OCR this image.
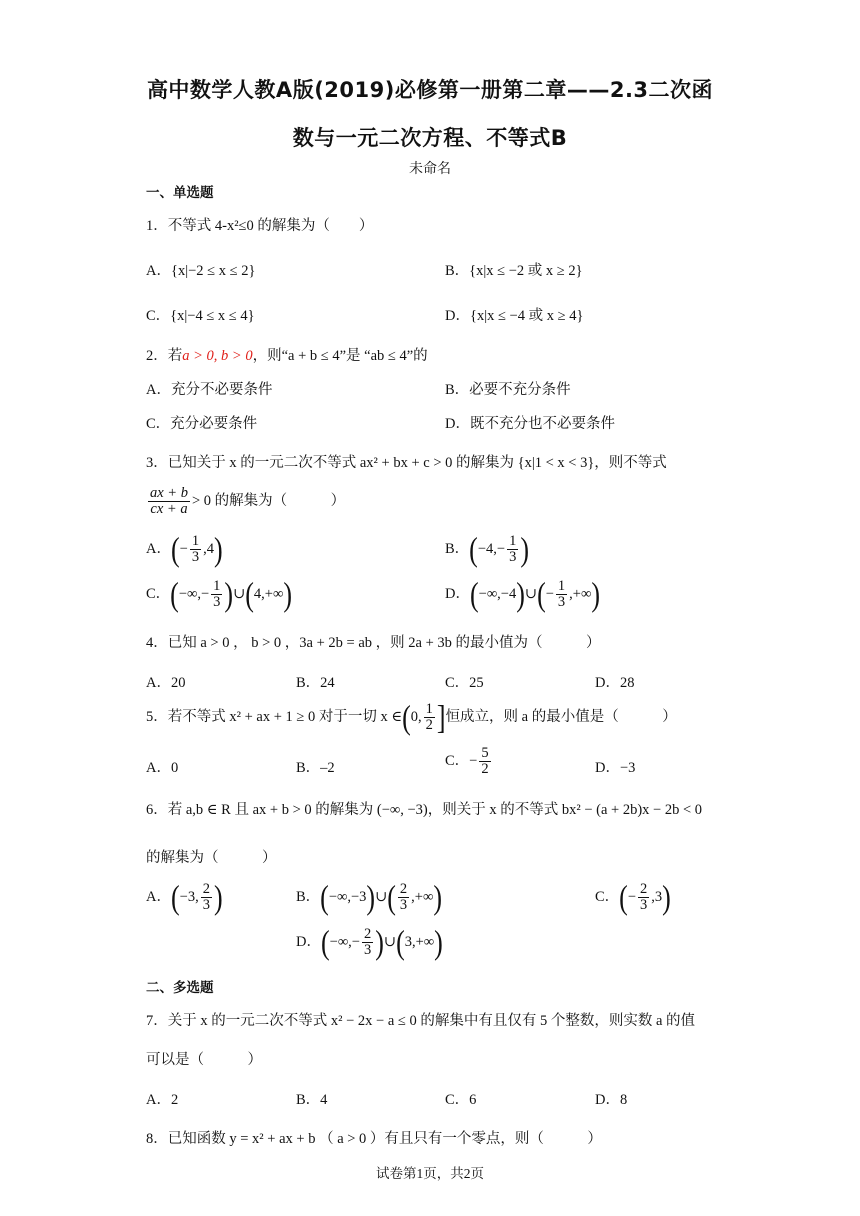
高中数学人教A版(2019)必修第一册第二章——2.3二次函
数与一元二次方程、不等式B
未命名
一、单选题
1．不等式 4-x²≤0 的解集为（　　）
A．{x|−2 ≤ x ≤ 2}	B．{x|x ≤ −2 或 x ≥ 2}
C．{x|−4 ≤ x ≤ 4}	D．{x|x ≤ −4 或 x ≥ 4}
2．若a > 0, b > 0，则“a + b ≤ 4”是 “ab ≤ 4”的
A．充分不必要条件	B．必要不充分条件
C．充分必要条件	D．既不充分也不必要条件
3．已知关于 x 的一元二次不等式 ax² + bx + c > 0 的解集为 {x|1 < x < 3}，则不等式
$\frac{ax + b}{cx + a} > 0$ 的解集为（　　　）
A．(− $\frac{1}{3} ,4$)	B．($-4,- \frac{1}{3}$ )
C．(−∞,− $\frac{1}{3}$ )∪(4,+∞)	D．(−∞,−4)∪(− $\frac{1}{3}$ ,+∞)
4．已知 a > 0 ， b > 0 ，3a + 2b = ab ，则 2a + 3b 的最小值为（　　　）
A．20	B．24	C．25	D．28
5．若不等式 x² + ax + 1 ≥ 0 对于一切 x ∈(0, $\frac{1}{2}$ ]恒成立，则 a 的最小值是（　　　）
A．0	B．–2	C．− $\frac{5}{2}$	D．−3
6．若 a,b ∈ R 且 ax + b > 0 的解集为 (−∞, −3)，则关于 x 的不等式 bx² − (a + 2b)x − 2b < 0
的解集为（　　　）
A．(−3, $\frac{2}{3}$ )	B．(−∞,−3)∪( $\frac{2}{3}$ ,+∞)	C．(− $\frac{2}{3} ,3$)
D．(−∞,− $\frac{2}{3}$ )∪(3,+∞)
二、多选题
7．关于 x 的一元二次不等式 x² − 2x − a ≤ 0 的解集中有且仅有 5 个整数，则实数 a 的值
可以是（　　　）
A．2	B．4	C．6	D．8
8．已知函数 y = x² + ax + b （ a > 0 ）有且只有一个零点，则（　　　）
试卷第1页，共2页
